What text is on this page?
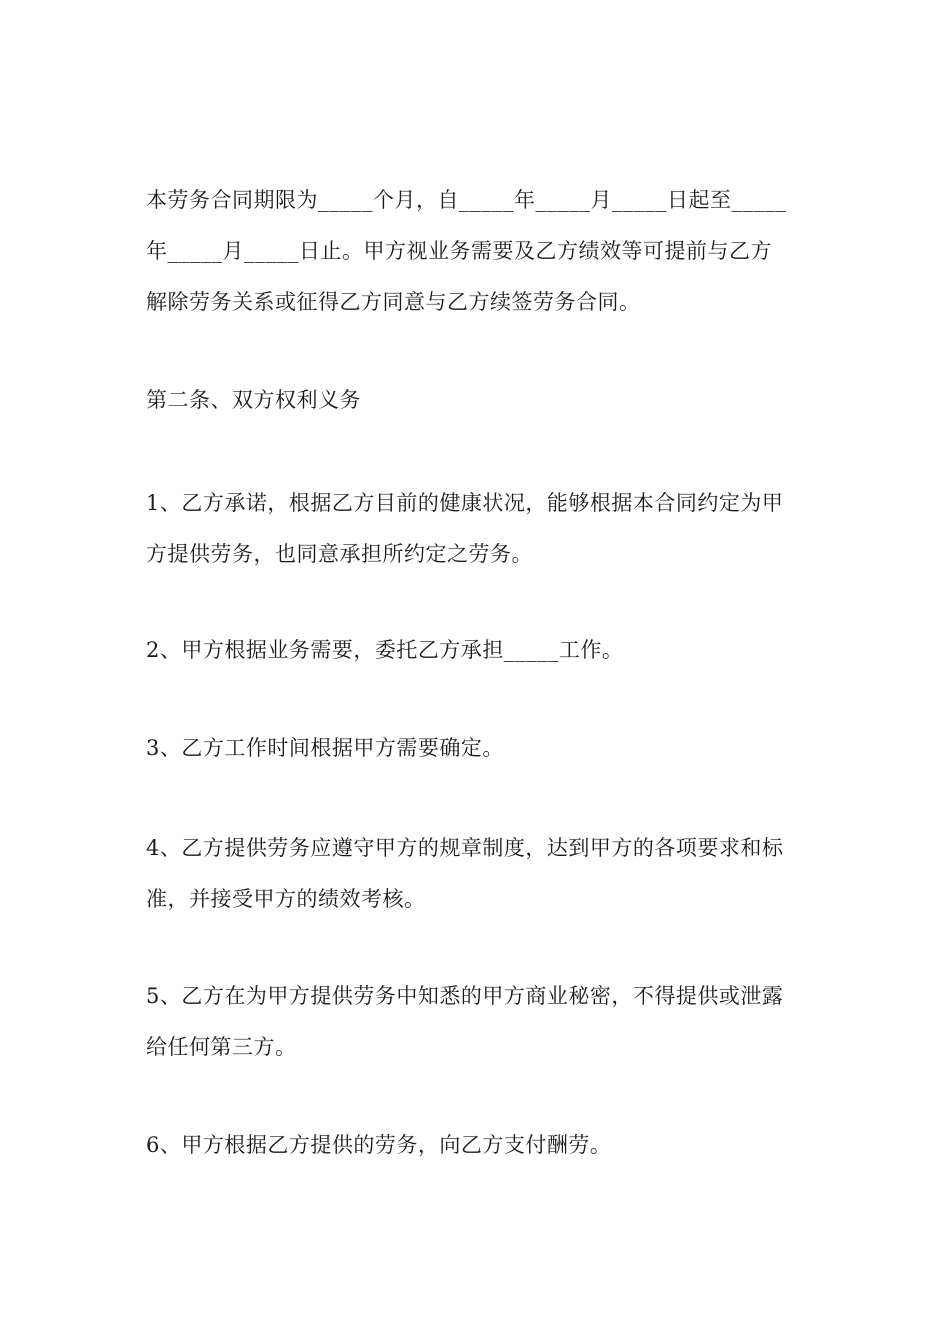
本劳务合同期限为_____个月，自_____年_____月_____日起至_____
年_____月_____日止。甲方视业务需要及乙方绩效等可提前与乙方
解除劳务关系或征得乙方同意与乙方续签劳务合同。

第二条、双方权利义务

1、乙方承诺，根据乙方目前的健康状况，能够根据本合同约定为甲
方提供劳务，也同意承担所约定之劳务。

2、甲方根据业务需要，委托乙方承担_____工作。

3、乙方工作时间根据甲方需要确定。

4、乙方提供劳务应遵守甲方的规章制度，达到甲方的各项要求和标
准，并接受甲方的绩效考核。

5、乙方在为甲方提供劳务中知悉的甲方商业秘密，不得提供或泄露
给任何第三方。

6、甲方根据乙方提供的劳务，向乙方支付酬劳。
